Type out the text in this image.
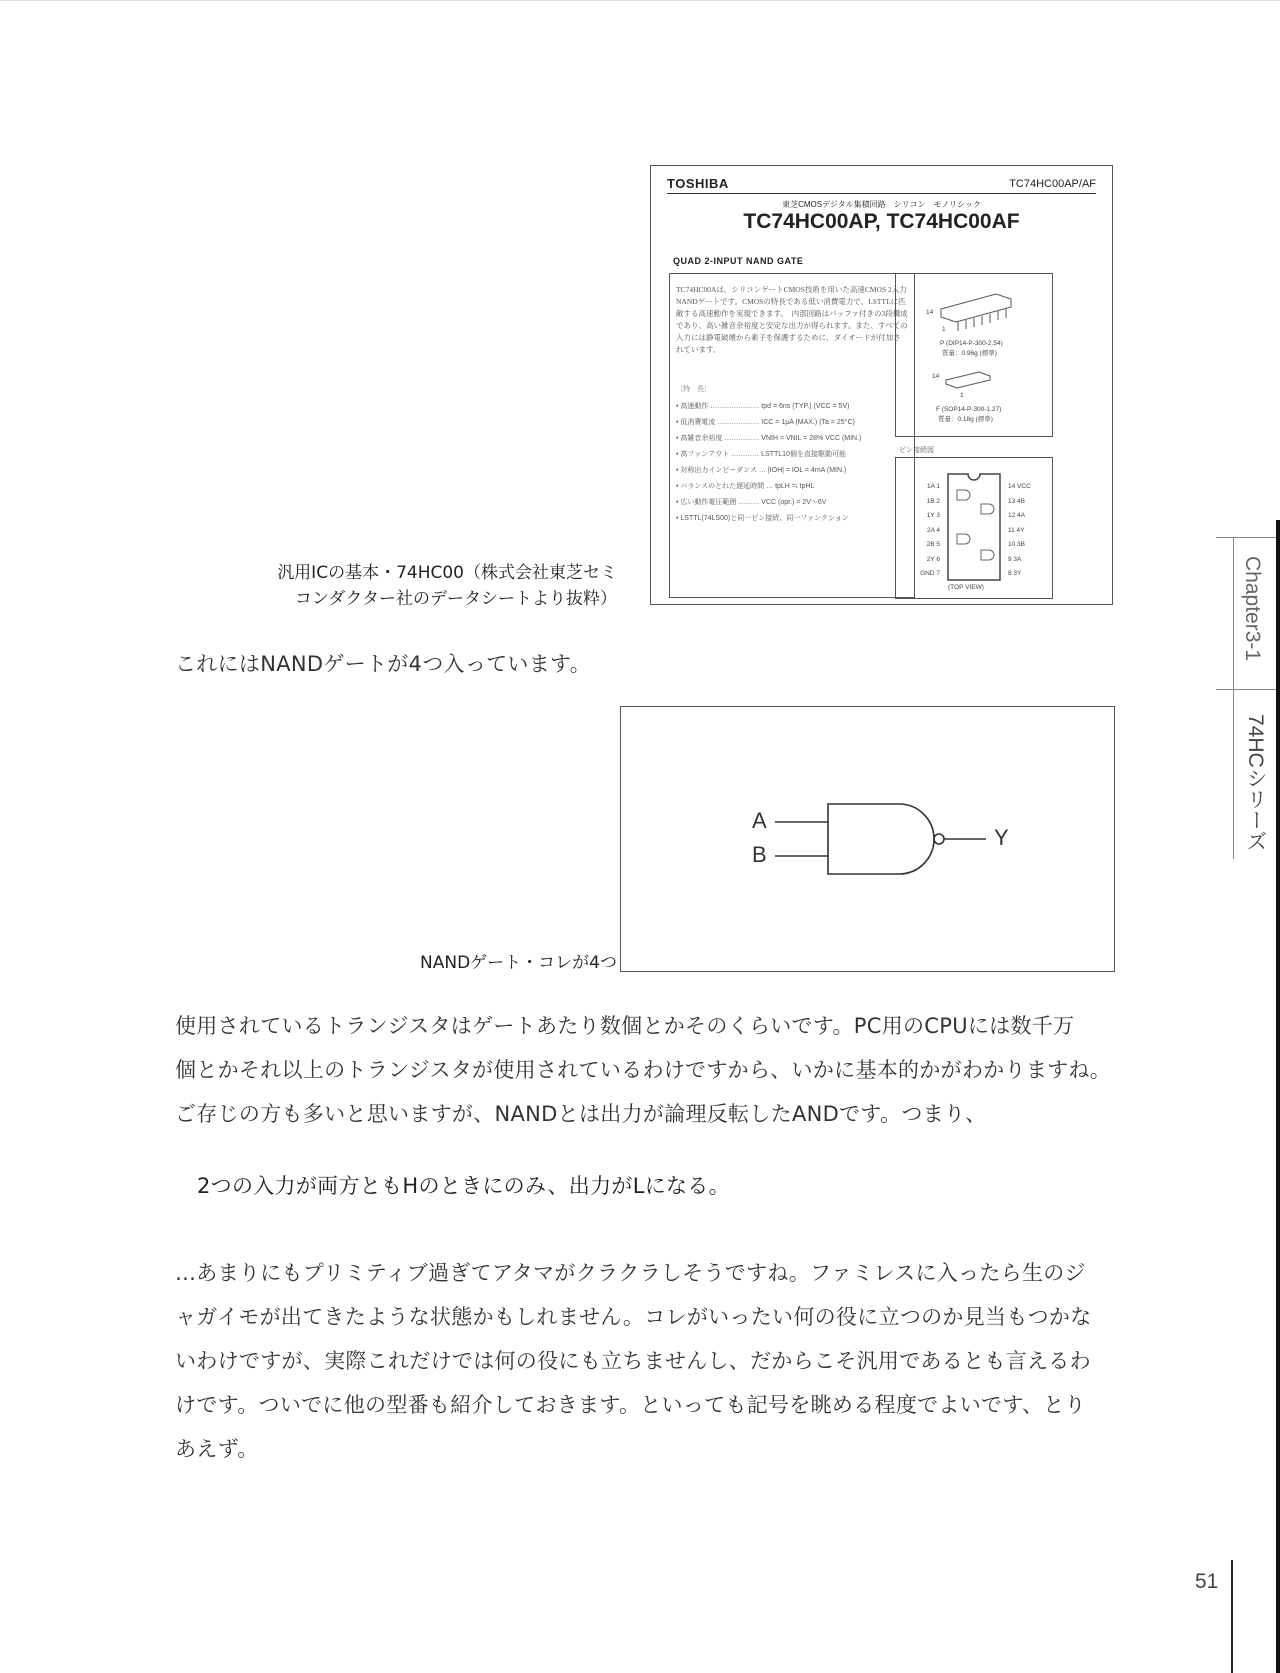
TOSHIBA	TC74HC00AP/AF
東芝CMOSデジタル集積回路　シリコン　モノリシック
TC74HC00AP, TC74HC00AF
QUAD 2-INPUT NAND GATE
TC74HC00Aは、シリコンゲートCMOS技術を用いた高速CMOS 2入力NANDゲートです。CMOSの特長である低い消費電力で、LSTTLに匹敵する高速動作を実現できます。　内部回路はバッファ付きの3段構成であり、高い雑音余裕度と安定な出力が得られます。また、すべての入力には静電破壊から素子を保護するために、ダイオードが付加されています。
〔特　長〕
• 高速動作 ………………… tpd = 6ns (TYP.) (VCC = 5V)
• 低消費電流 ……………… ICC = 1μA (MAX.) (Ta = 25°C)
• 高雑音余裕度 …………… VNIH = VNIL = 28% VCC (MIN.)
• 高ファンアウト ………… LSTTL10個を直接駆動可能
• 対称出力インピーダンス … |IOH| = IOL = 4mA (MIN.)
• バランスのとれた遅延時間 … tpLH ≒ tpHL
• 広い動作電圧範囲 ……… VCC (opr.) = 2V〜6V
• LSTTL(74LS00)と同一ピン接続、同一ファンクション
14
1
P (DIP14-P-300-2.54)
質量：0.96g (標準)
14
1
F (SOP14-P-300-1.27)
質量：0.18g (標準)
ピン接続図
1A 1
1B 2
1Y 3
2A 4
2B 5
2Y 6
GND 7
14 VCC
13 4B
12 4A
11 4Y
10 3B
9 3A
8 3Y
(TOP VIEW)
汎用ICの基本・74HC00（株式会社東芝セミ
コンダクター社のデータシートより抜粋）
これにはNANDゲートが4つ入っています。
A
B
Y
NANDゲート・コレが4つ
使用されているトランジスタはゲートあたり数個とかそのくらいです。PC用のCPUには数千万
個とかそれ以上のトランジスタが使用されているわけですから、いかに基本的かがわかりますね。
ご存じの方も多いと思いますが、NANDとは出力が論理反転したANDです。つまり、
2つの入力が両方ともHのときにのみ、出力がLになる。
…あまりにもプリミティブ過ぎてアタマがクラクラしそうですね。ファミレスに入ったら生のジ
ャガイモが出てきたような状態かもしれません。コレがいったい何の役に立つのか見当もつかな
いわけですが、実際これだけでは何の役にも立ちませんし、だからこそ汎用であるとも言えるわ
けです。ついでに他の型番も紹介しておきます。といっても記号を眺める程度でよいです、とり
あえず。
Chapter3-1
74HCシリーズ
51
